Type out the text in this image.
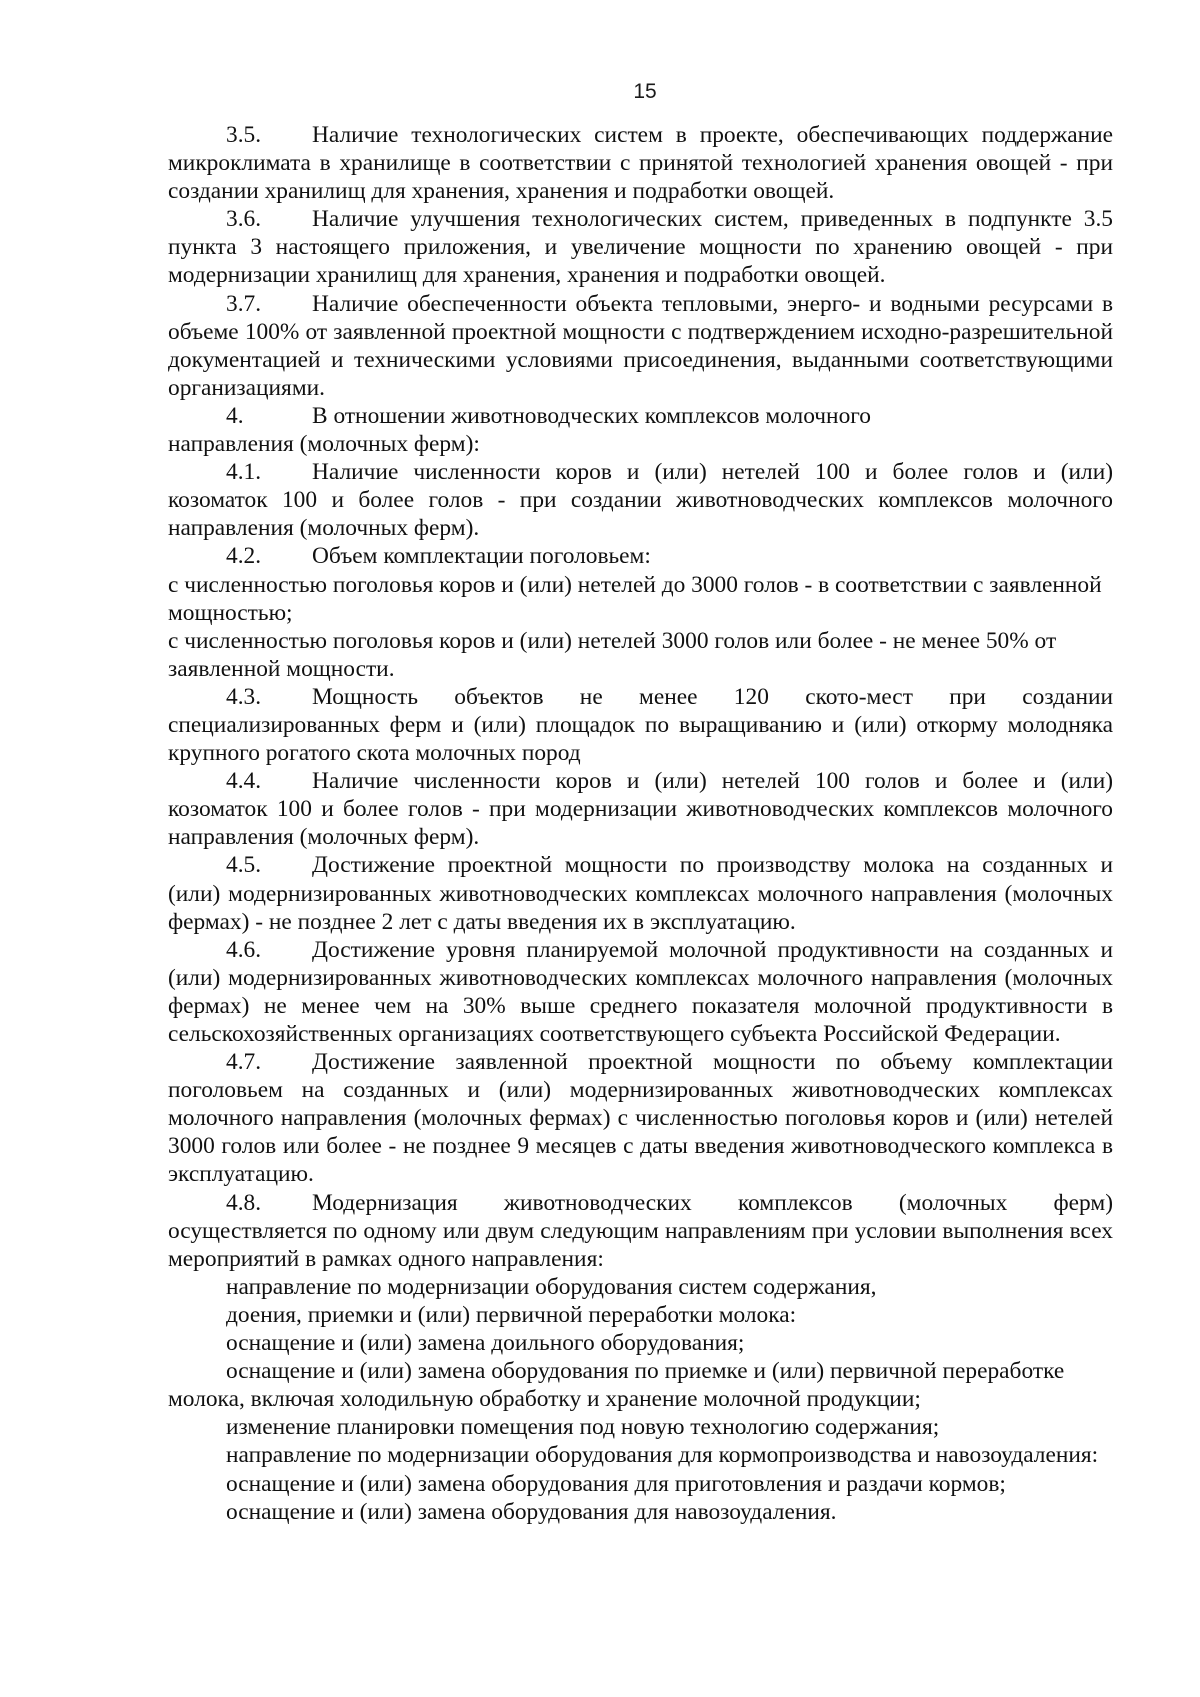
15

3.5. Наличие технологических систем в проекте, обеспечивающих поддержание микроклимата в хранилище в соответствии с принятой технологией хранения овощей - при создании хранилищ для хранения, хранения и подработки овощей.

3.6. Наличие улучшения технологических систем, приведенных в подпункте 3.5 пункта 3 настоящего приложения, и увеличение мощности по хранению овощей - при модернизации хранилищ для хранения, хранения и подработки овощей.

3.7. Наличие обеспеченности объекта тепловыми, энерго- и водными ресурсами в объеме 100% от заявленной проектной мощности с подтверждением исходно-разрешительной документацией и техническими условиями присоединения, выданными соответствующими организациями.

4.	В отношении животноводческих комплексов молочного

направления (молочных ферм):

4.1. Наличие численности коров и (или) нетелей 100 и более голов и (или) козоматок 100 и более голов - при создании животноводческих комплексов молочного направления (молочных ферм).

4.2. Объем комплектации поголовьем:

с численностью поголовья коров и (или) нетелей до 3000 голов - в соответствии с заявленной мощностью;

с численностью поголовья коров и (или) нетелей 3000 голов или более - не менее 50% от заявленной мощности.

4.3. Мощность объектов не менее 120 ското-мест при создании специализированных ферм и (или) площадок по выращиванию и (или) откорму молодняка крупного рогатого скота молочных пород

4.4. Наличие численности коров и (или) нетелей 100 голов и более и (или) козоматок 100 и более голов - при модернизации животноводческих комплексов молочного направления (молочных ферм).

4.5. Достижение проектной мощности по производству молока на созданных и (или) модернизированных животноводческих комплексах молочного направления (молочных фермах) - не позднее 2 лет с даты введения их в эксплуатацию.

4.6. Достижение уровня планируемой молочной продуктивности на созданных и (или) модернизированных животноводческих комплексах молочного направления (молочных фермах) не менее чем на 30% выше среднего показателя молочной продуктивности в сельскохозяйственных организациях соответствующего субъекта Российской Федерации.

4.7. Достижение заявленной проектной мощности по объему комплектации поголовьем на созданных и (или) модернизированных животноводческих комплексах молочного направления (молочных фермах) с численностью поголовья коров и (или) нетелей 3000 голов или более - не позднее 9 месяцев с даты введения животноводческого комплекса в эксплуатацию.

4.8. Модернизация животноводческих комплексов (молочных ферм) осуществляется по одному или двум следующим направлениям при условии выполнения всех мероприятий в рамках одного направления:

направление по модернизации оборудования систем содержания,

доения, приемки и (или) первичной переработки молока:

оснащение и (или) замена доильного оборудования;

оснащение и (или) замена оборудования по приемке и (или) первичной переработке молока, включая холодильную обработку и хранение молочной продукции;

изменение планировки помещения под новую технологию содержания;

направление по модернизации оборудования для кормопроизводства и навозоудаления:

оснащение и (или) замена оборудования для приготовления и раздачи кормов;

оснащение и (или) замена оборудования для навозоудаления.
